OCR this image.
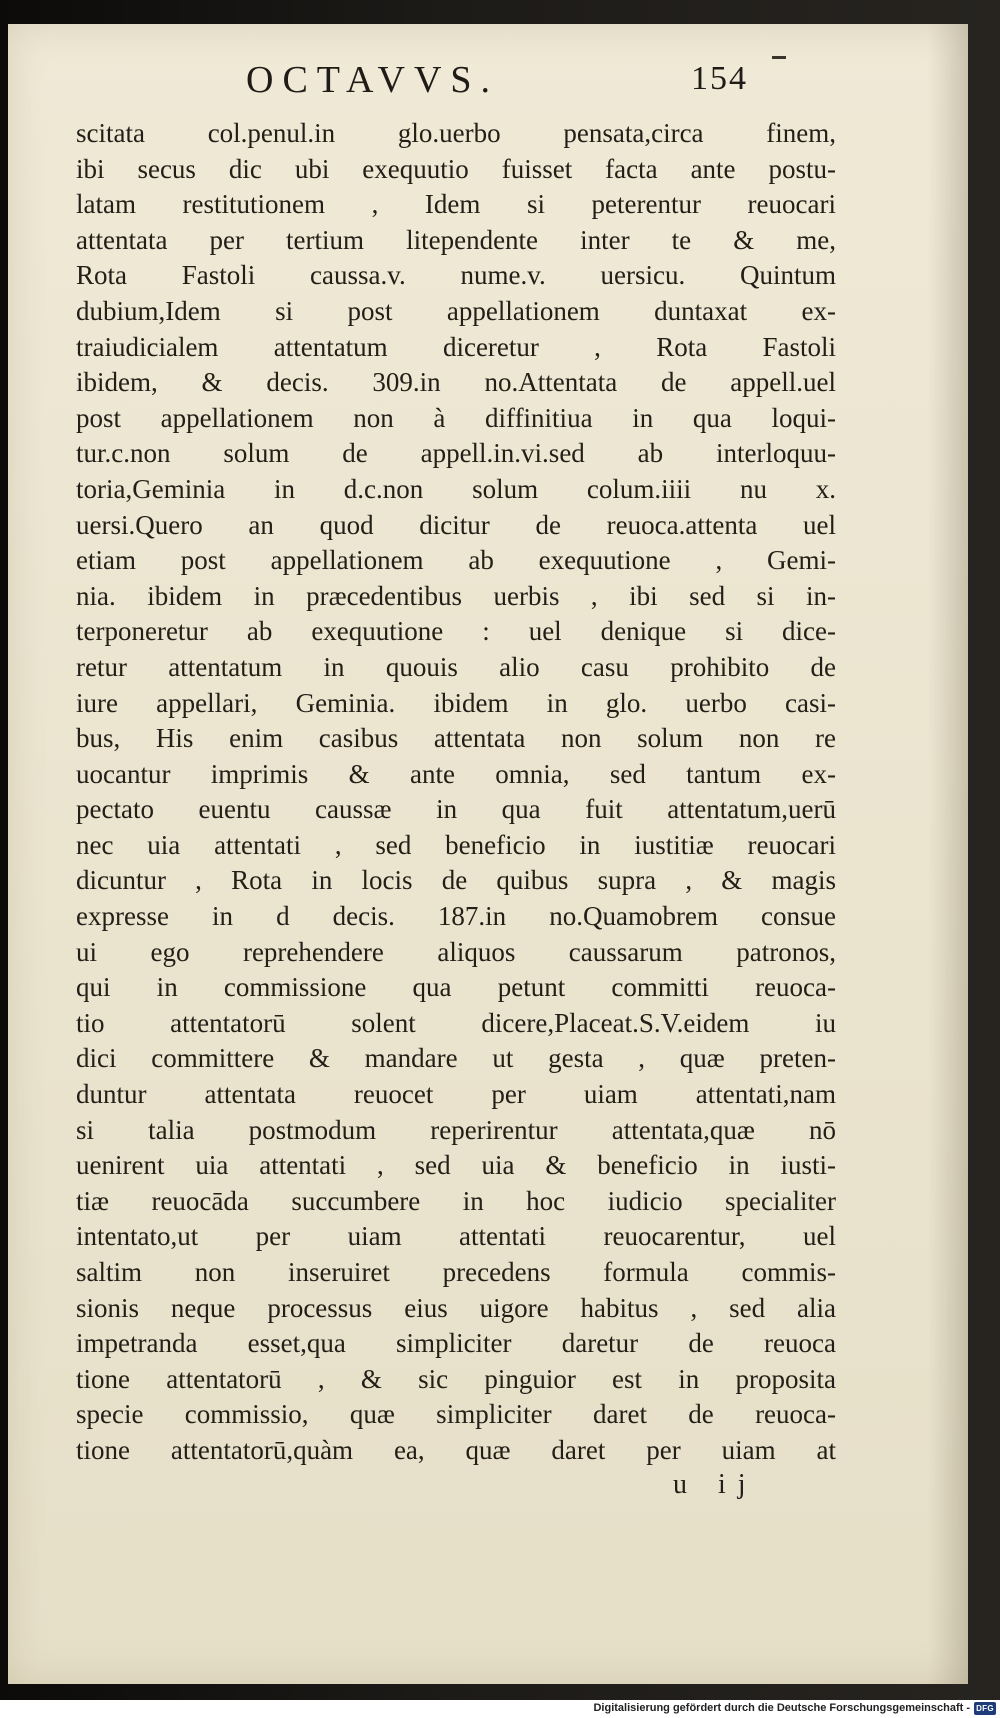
OCTAVVS.	154
scitata col.penul.in glo.uerbo pensata,circa finem,
ibi secus dic ubi exequutio fuisset facta ante postu-
latam restitutionem , Idem si peterentur reuocari
attentata per tertium litependente inter te & me,
Rota Fastoli caussa.v. nume.v. uersicu. Quintum
dubium,Idem si post appellationem duntaxat ex-
traiudicialem attentatum diceretur , Rota Fastoli
ibidem, & decis. 309.in no.Attentata de appell.uel
post appellationem non à diffinitiua in qua loqui-
tur.c.non solum de appell.in.vi.sed ab interloquu-
toria,Geminia in d.c.non solum colum.iiii nu x.
uersi.Quero an quod dicitur de reuoca.attenta uel
etiam post appellationem ab exequutione , Gemi-
nia. ibidem in præcedentibus uerbis , ibi sed si in-
terponeretur ab exequutione : uel denique si dice-
retur attentatum in quouis alio casu prohibito de
iure appellari, Geminia. ibidem in glo. uerbo casi-
bus, His enim casibus attentata non solum non re
uocantur imprimis & ante omnia, sed tantum ex-
pectato euentu caussæ in qua fuit attentatum,uerū
nec uia attentati , sed beneficio in iustitiæ reuocari
dicuntur , Rota in locis de quibus supra , & magis
expresse in d decis. 187.in no.Quamobrem consue
ui ego reprehendere aliquos caussarum patronos,
qui in commissione qua petunt committi reuoca-
tio attentatorū solent dicere,Placeat.S.V.eidem iu
dici committere & mandare ut gesta , quæ preten-
duntur attentata reuocet per uiam attentati,nam
si talia postmodum reperirentur attentata,quæ nō
uenirent uia attentati , sed uia & beneficio in iusti-
tiæ reuocāda succumbere in hoc iudicio specialiter
intentato,ut per uiam attentati reuocarentur, uel
saltim non inseruiret precedens formula commis-
sionis neque processus eius uigore habitus , sed alia
impetranda esset,qua simpliciter daretur de reuoca
tione attentatorū , & sic pinguior est in proposita
specie commissio, quæ simpliciter daret de reuoca-
tione attentatorū,quàm ea, quæ daret per uiam at
u ij
Digitalisierung gefördert durch die Deutsche Forschungsgemeinschaft - DFG
